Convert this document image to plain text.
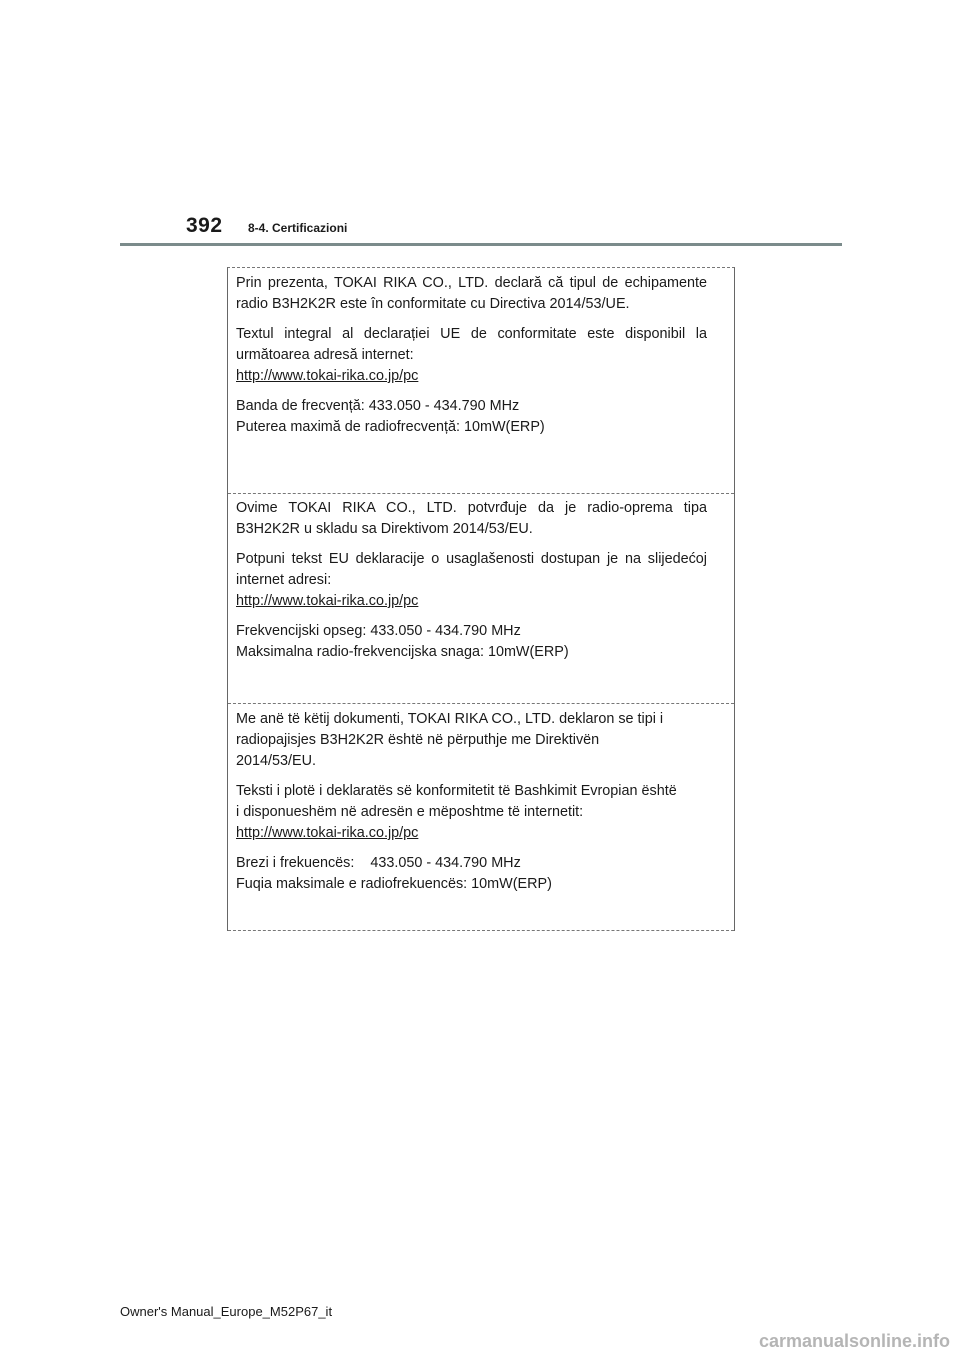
392 8-4. Certificazioni

Prin prezenta, TOKAI RIKA CO., LTD. declară că tipul de echipamente radio B3H2K2R este în conformitate cu Directiva 2014/53/UE.

Textul integral al declarației UE de conformitate este disponibil la următoarea adresă internet:
http://www.tokai-rika.co.jp/pc

Banda de frecvență: 433.050 - 434.790 MHz
Puterea maximă de radiofrecvență: 10mW(ERP)

Ovime TOKAI RIKA CO., LTD. potvrđuje da je radio-oprema tipa B3H2K2R u skladu sa Direktivom 2014/53/EU.

Potpuni tekst EU deklaracije o usaglašenosti dostupan je na slijedećoj internet adresi:
http://www.tokai-rika.co.jp/pc

Frekvencijski opseg: 433.050 - 434.790 MHz
Maksimalna radio-frekvencijska snaga: 10mW(ERP)

Me anë të këtij dokumenti, TOKAI RIKA CO., LTD. deklaron se tipi i
radiopajisjes B3H2K2R është në përputhje me Direktivën
2014/53/EU.

Teksti i plotë i deklaratës së konformitetit të Bashkimit Evropian është
i disponueshëm në adresën e mëposhtme të internetit:
http://www.tokai-rika.co.jp/pc

Brezi i frekuencës:    433.050 - 434.790 MHz
Fuqia maksimale e radiofrekuencës: 10mW(ERP)

Owner's Manual_Europe_M52P67_it
carmanualsonline.info
